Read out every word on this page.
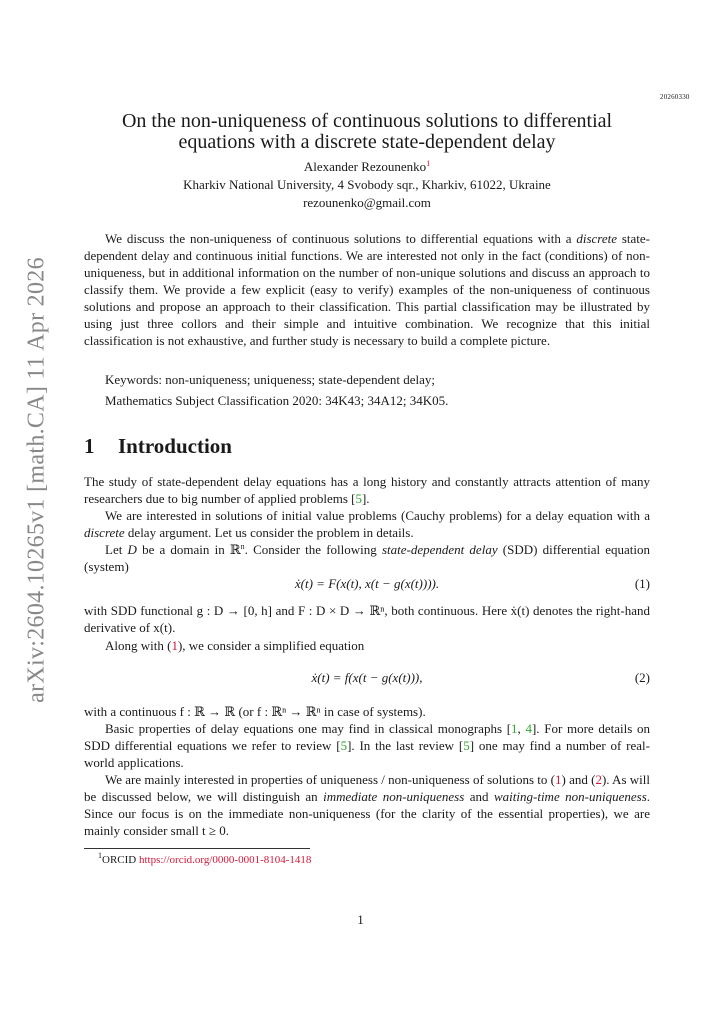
20260330
arXiv:2604.10265v1 [math.CA] 11 Apr 2026
On the non-uniqueness of continuous solutions to differential
equations with a discrete state-dependent delay
Alexander Rezounenko$^1$
Kharkiv National University, 4 Svobody sqr., Kharkiv, 61022, Ukraine
rezounenko@gmail.com
We discuss the non-uniqueness of continuous solutions to differential equations with a discrete state-dependent delay and continuous initial functions. We are interested not only in the fact (conditions) of non-uniqueness, but in additional information on the number of non-unique solutions and discuss an approach to classify them. We provide a few explicit (easy to verify) examples of the non-uniqueness of continuous solutions and propose an approach to their classification. This partial classification may be illustrated by using just three collors and their simple and intuitive combination. We recognize that this initial classification is not exhaustive, and further study is necessary to build a complete picture.
Keywords: non-uniqueness; uniqueness; state-dependent delay;
Mathematics Subject Classification 2020: 34K43; 34A12; 34K05.
1 Introduction
The study of state-dependent delay equations has a long history and constantly attracts attention of many researchers due to big number of applied problems [5].
We are interested in solutions of initial value problems (Cauchy problems) for a delay equation with a discrete delay argument. Let us consider the problem in details.
Let D be a domain in ℝ$^n$. Consider the following state-dependent delay (SDD) differential equation (system)
ẋ(t) = F(x(t), x(t − g(x(t)))).	(1)
with SDD functional g : D → [0, h] and F : D × D → ℝⁿ, both continuous. Here ẋ(t) denotes the right-hand derivative of x(t).
Along with (1), we consider a simplified equation
ẋ(t) = f(x(t − g(x(t))),	(2)
with a continuous f : ℝ → ℝ (or f : ℝⁿ → ℝⁿ in case of systems).
Basic properties of delay equations one may find in classical monographs [1, 4]. For more details on SDD differential equations we refer to review [5]. In the last review [5] one may find a number of real-world applications.
We are mainly interested in properties of uniqueness / non-uniqueness of solutions to (1) and (2). As will be discussed below, we will distinguish an immediate non-uniqueness and waiting-time non-uniqueness. Since our focus is on the immediate non-uniqueness (for the clarity of the essential properties), we are mainly consider small t ≥ 0.
$^1$ORCID https://orcid.org/0000-0001-8104-1418
1
